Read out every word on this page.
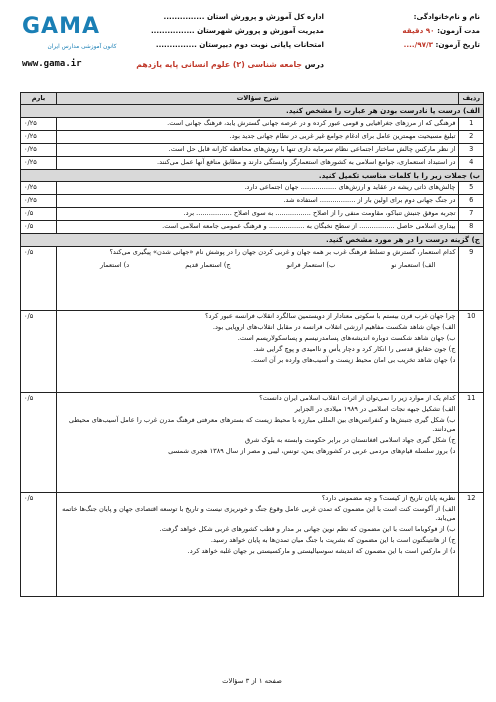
نام و نام‌خانوادگی:
مدت آزمون: ۹۰ دقیقه
تاریخ آزمون: ۹۷/۳/....
اداره کل آموزش و پرورش استان ...............
مدیریت آموزش و پرورش شهرستان ................
امتحانات پایانی نوبت دوم دبیرستان ...............
درس جامعه شناسی (۲) علوم انسانی پایه یازدهم
GAMA
کانون آموزشی مدارس ایران
www.gama.ir
ردیف	شرح سؤالات	بارم
الف) درست یا نادرست بودن هر عبارت را مشخص کنید.		
1	فرهنگی که از مرزهای جغرافیایی و قومی عبور کرده و در عرصه جهانی گسترش یابد، فرهنگ جهانی است.	۰/۲۵
2	تبلیغ مسیحیت مهمترین عامل برای ادغام جوامع غیر غربی در نظام جهانی جدید بود.	۰/۲۵
3	از نظر مارکس چالش ساختار اجتماعی نظام سرمایه داری تنها با روش‌های محافظه کارانه قابل حل است.	۰/۲۵
4	در استبداد استعماری، جوامع اسلامی به کشورهای استعمارگر وابستگی دارند و مطابق منافع آنها عمل می‌کنند.	۰/۲۵
ب) جملات زیر را با کلمات مناسب تکمیل کنید.		
5	چالش‌های ذاتی ریشه در عقاید و ارزش‌های ................. جهان اجتماعی دارد.	۰/۲۵
6	در جنگ جهانی دوم برای اولین بار از ................. استفاده شد.	۰/۲۵
7	تجربه موفق جنبش تنباکو، مقاومت منفی را از اصلاح ................. به سوی اصلاح ................. برد.	۰/۵
8	بیداری اسلامی حاصل ................. از سطح نخبگان به ................. و فرهنگ عمومی جامعه اسلامی است.	۰/۵
ج) گزینه درست را در هر مورد مشخص کنید.		
9	کدام استعمار، گسترش و تسلط فرهنگ غرب بر همه جهان و غربی کردن جهان را در پوشش نام «جهانی شدن» پیگیری می‌کند؟

الف) استعمار نو
ب) استعمار فرانو
ج) استعمار قدیم
د) استعمار	۰/۵
10	چرا جهان غرب قرن بیستم با سکوتی معنادار از دویستمین سالگرد انقلاب فرانسه عبور کرد؟

الف) جهان شاهد شکست مفاهیم ارزشی انقلاب فرانسه در مقابل انقلاب‌های اروپایی بود.

ب) جهان شاهد شکست دوباره اندیشه‌های پسامدرنیسم و پساسکولاریسم است.

ج) جون حقایق قدسی را انکار کرد و دچار یأس و ناامیدی و پوچ گرایی شد.

د) جهان شاهد تخریب بی امان محیط زیست و آسیب‌های وارده بر آن است.	۰/۵
11	کدام یک از موارد زیر را نمی‌توان از اثرات انقلاب اسلامی ایران دانست؟

الف) تشکیل جبهه نجات اسلامی در ۱۹۸۹ میلادی در الجزایر

ب) شکل گیری جنبش‌ها و کنفرانس‌های بین المللی مبارزه با محیط زیست که بسترهای معرفتی فرهنگ مدرن غرب را عامل آسیب‌های محیطی می‌دانند.

ج) شکل گیری جهاد اسلامی افغانستان در برابر حکومت وابسته به بلوک شرق

د) بروز سلسله قیام‌های مردمی عربی در کشورهای یمن، تونس، لیبی و مصر از سال ۱۳۸۹ هجری شمسی	۰/۵
12	نظریه پایان تاریخ از کیست؟ و چه مضمونی دارد؟

الف) از آگوست کنت است با این مضمون که تمدن غربی عامل وقوع جنگ و خونریزی نیست و تاریخ با توسعه اقتصادی جهان و پایان جنگ‌ها خاتمه می‌یابد.

ب) از فوکویاما است با این مضمون که نظم نوین جهانی بر مدار و قطب کشورهای غربی شکل خواهد گرفت.

ج) از هانتینگتون است با این مضمون که بشریت با جنگ میان تمدن‌ها به پایان خواهد رسید.

د) از مارکس است با این مضمون که اندیشه سوسیالیستی و مارکسیستی بر جهان غلبه خواهد کرد.	۰/۵
صفحه ۱ از ۳ سؤالات
